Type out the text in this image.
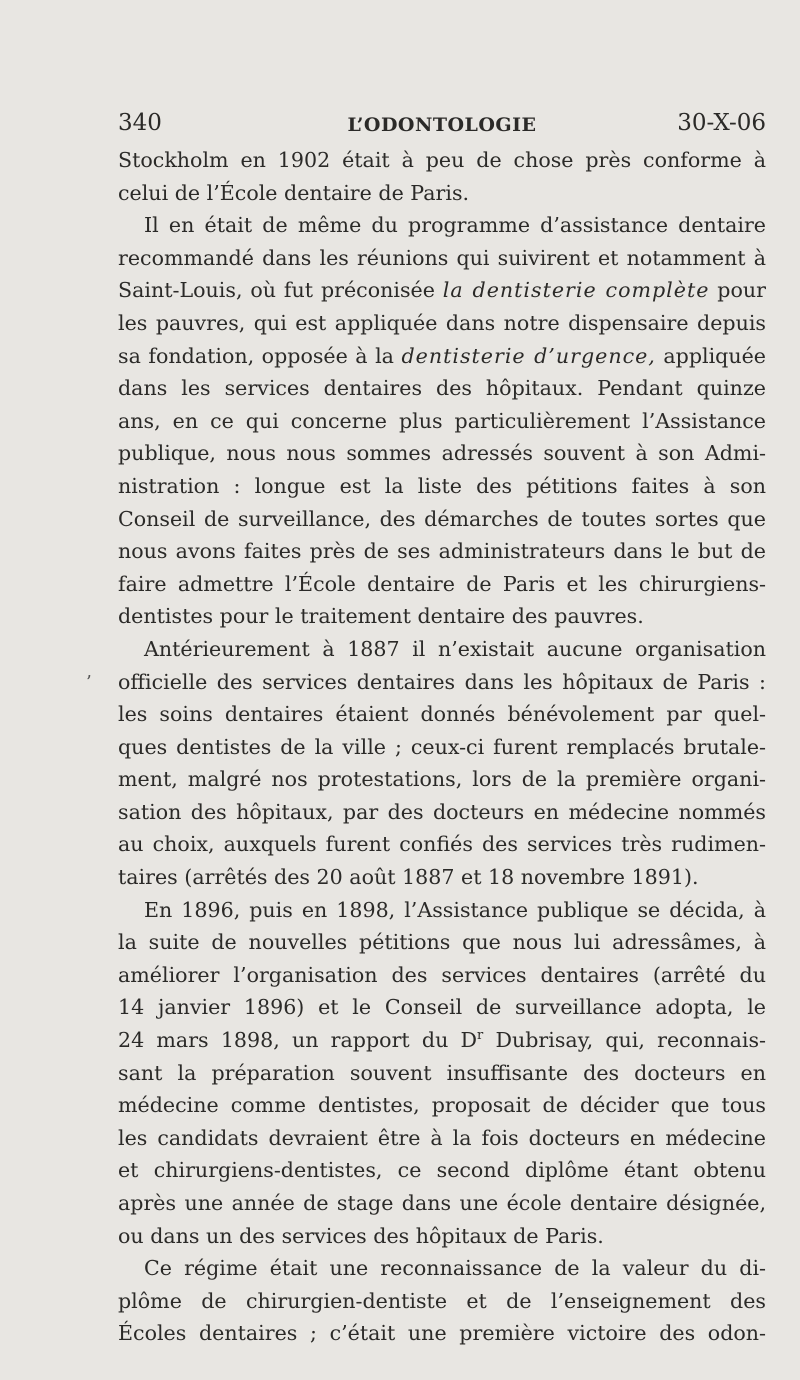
340	L’ODONTOLOGIE	30-X-06
’
Stockholm en 1902 était à peu de chose près conforme à
celui de l’École dentaire de Paris.
Il en était de même du programme d’assistance dentaire
recommandé dans les réunions qui suivirent et notamment à
Saint-Louis, où fut préconisée la dentisterie complète pour
les pauvres, qui est appliquée dans notre dispensaire depuis
sa fondation, opposée à la dentisterie d’urgence, appliquée
dans les services dentaires des hôpitaux. Pendant quinze
ans, en ce qui concerne plus particulièrement l’Assistance
publique, nous nous sommes adressés souvent à son Admi-
nistration : longue est la liste des pétitions faites à son
Conseil de surveillance, des démarches de toutes sortes que
nous avons faites près de ses administrateurs dans le but de
faire admettre l’École dentaire de Paris et les chirurgiens-
dentistes pour le traitement dentaire des pauvres.
Antérieurement à 1887 il n’existait aucune organisation
officielle des services dentaires dans les hôpitaux de Paris :
les soins dentaires étaient donnés bénévolement par quel-
ques dentistes de la ville ; ceux-ci furent remplacés brutale-
ment, malgré nos protestations, lors de la première organi-
sation des hôpitaux, par des docteurs en médecine nommés
au choix, auxquels furent confiés des services très rudimen-
taires (arrêtés des 20 août 1887 et 18 novembre 1891).
En 1896, puis en 1898, l’Assistance publique se décida, à
la suite de nouvelles pétitions que nous lui adressâmes, à
améliorer l’organisation des services dentaires (arrêté du
14 janvier 1896) et le Conseil de surveillance adopta, le
24 mars 1898, un rapport du $D^r$ Dubrisay, qui, reconnais-
sant la préparation souvent insuffisante des docteurs en
médecine comme dentistes, proposait de décider que tous
les candidats devraient être à la fois docteurs en médecine
et chirurgiens-dentistes, ce second diplôme étant obtenu
après une année de stage dans une école dentaire désignée,
ou dans un des services des hôpitaux de Paris.
Ce régime était une reconnaissance de la valeur du di-
plôme de chirurgien-dentiste et de l’enseignement des
Écoles dentaires ; c’était une première victoire des odon-
